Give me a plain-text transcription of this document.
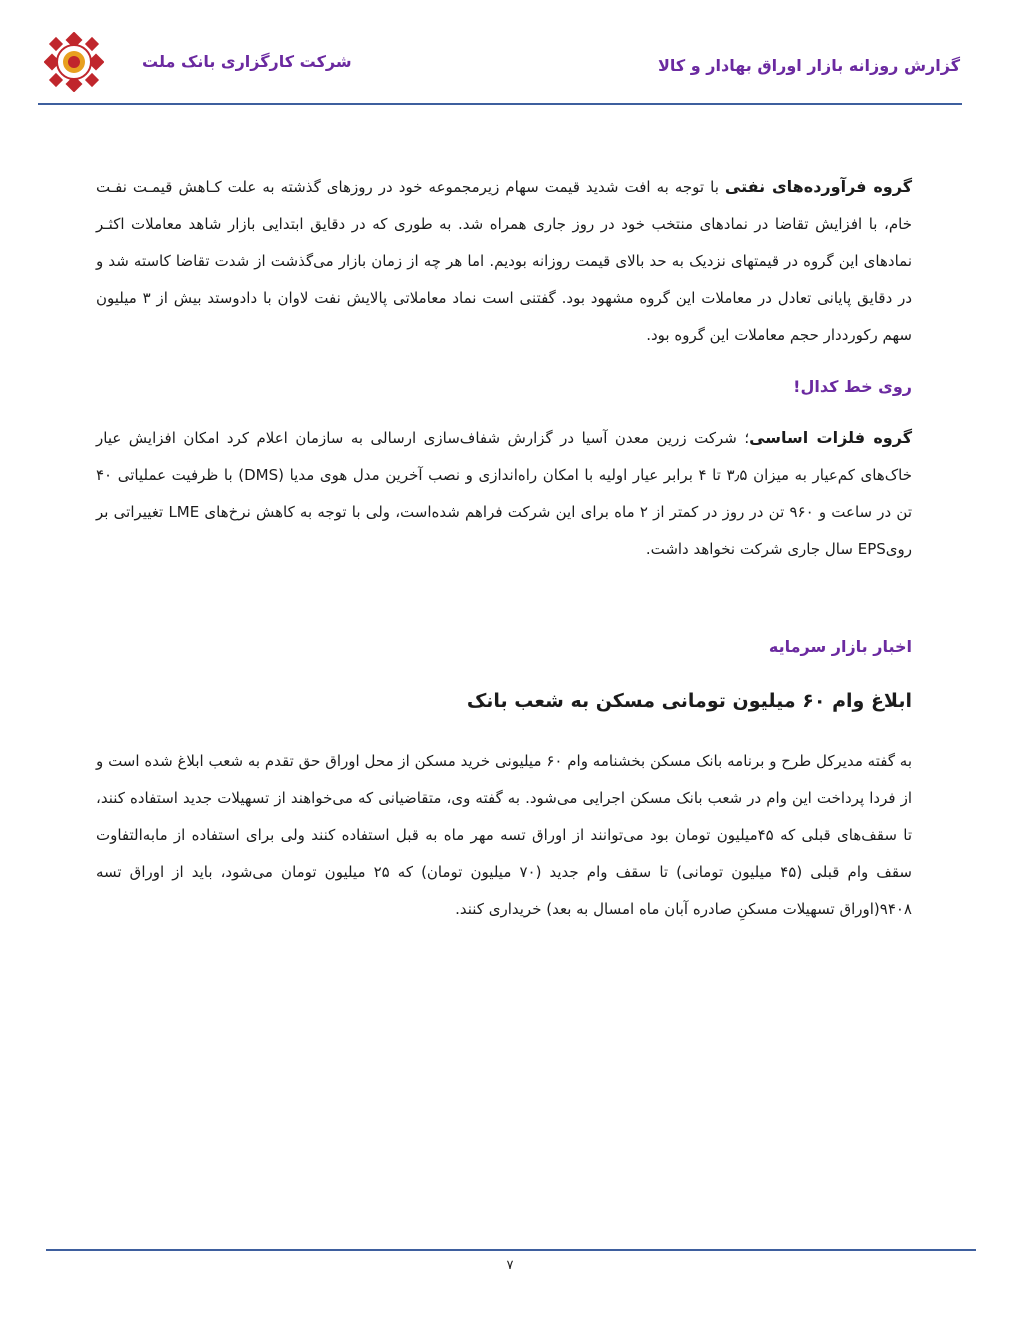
شرکت کارگزاری بانک ملت	گزارش روزانه بازار اوراق بهادار و کالا

گروه فرآورده‌های نفتی با توجه به افت شدید قیمت سهام زیرمجموعه خود در روزهای گذشته به علت کـاهش قیمـت نفـت خام، با افزایش تقاضا در نمادهای منتخب خود در روز جاری همراه شد. به طوری که در دقایق ابتدایی بازار شاهد معاملات اکثـر نمادهای این گروه در قیمتهای نزدیک به حد بالای قیمت روزانه بودیم. اما هر چه از زمان بازار می‌گذشت از شدت تقاضا کاسته شد و در دقایق پایانی تعادل در معاملات این گروه مشهود بود. گفتنی است نماد معاملاتی پالایش نفت لاوان با دادوستد بیش از ۳ میلیون سهم رکورددار حجم معاملات این گروه بود.

روی خط کدال!

گروه فلزات اساسی؛ شرکت زرین معدن آسیا در گزارش شفاف‌سازی ارسالی به سازمان اعلام کرد امکان افزایش عیار خاک‌های کم‌عیار به میزان ۳٫۵ تا ۴ برابر عیار اولیه با امکان راه‌اندازی و نصب آخرین مدل هوی مدیا (DMS) با ظرفیت عملیاتی ۴۰ تن در ساعت و ۹۶۰ تن در روز در کمتر از ۲ ماه برای این شرکت فراهم شده‌است، ولی با توجه به کاهش نرخ‌های LME تغییراتی بر رویEPS سال جاری شرکت نخواهد داشت.

اخبار بازار سرمایه

ابلاغ وام ۶۰ میلیون تومانی مسکن به شعب بانک

به گفته مدیرکل طرح و برنامه بانک مسکن بخشنامه وام ۶۰ میلیونی خرید مسکن از محل اوراق حق تقدم به شعب ابلاغ شده است و از فردا پرداخت این وام در شعب بانک مسکن اجرایی می‌شود. به گفته وی، متقاضیانی که می‌خواهند از تسهیلات جدید استفاده کنند، تا سقف‌های قبلی که ۴۵میلیون تومان بود می‌توانند از اوراق تسه مهر ماه به قبل استفاده کنند ولی برای استفاده از مابه‌التفاوت سقف وام قبلی (۴۵ میلیون تومانی) تا سقف وام جدید (۷۰ میلیون تومان) که ۲۵ میلیون تومان می‌شود، باید از اوراق تسه ۹۴۰۸(اوراق تسهیلات مسکنِ صادره آبان ماه امسال به بعد) خریداری کنند.

۷
